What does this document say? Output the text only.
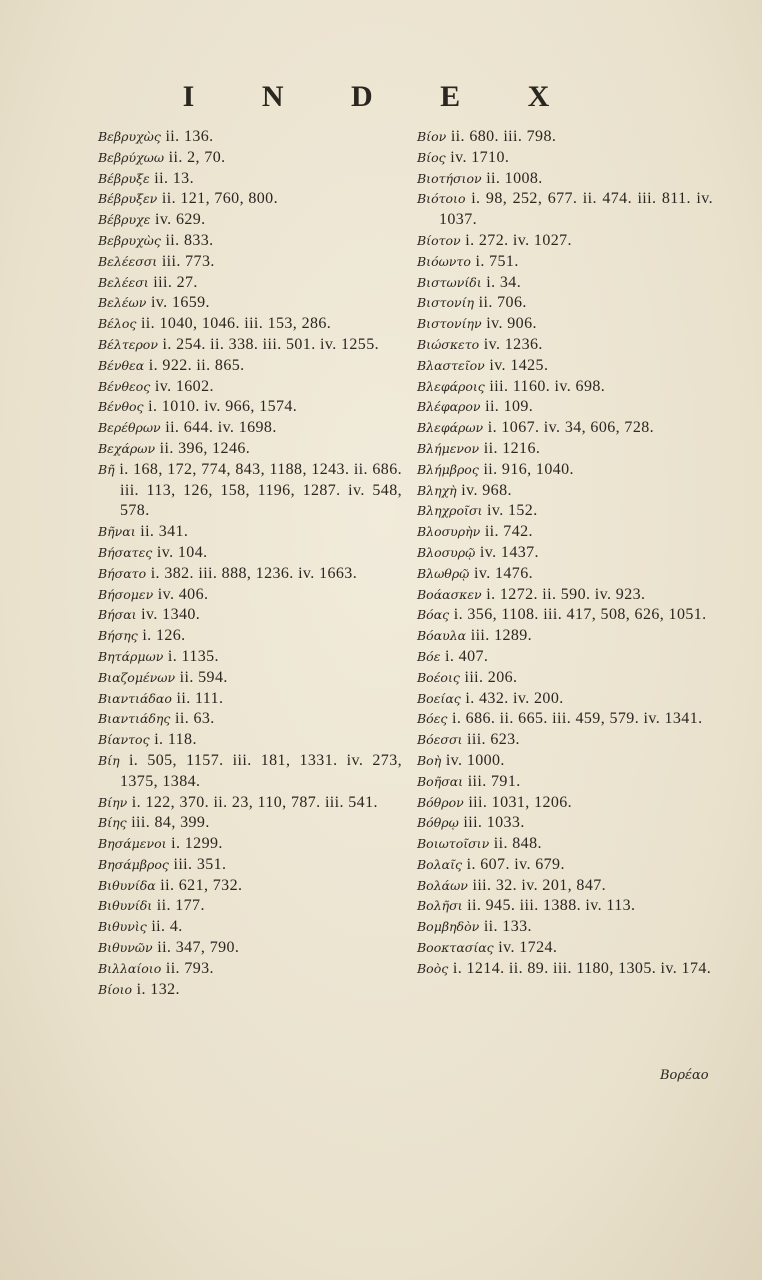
I N D E X
Βεβρυχὼς ii. 136.
Βεβρύχωω ii. 2, 70.
Βέβρυξε ii. 13.
Βέβρυξεν ii. 121, 760, 800.
Βέβρυχε iv. 629.
Βεβρυχὼς ii. 833.
Βελέεσσι iii. 773.
Βελέεσι iii. 27.
Βελέων iv. 1659.
Βέλος ii. 1040, 1046. iii. 153, 286.
Βέλτερον i. 254. ii. 338. iii. 501. iv. 1255.
Βένθεα i. 922. ii. 865.
Βένθεος iv. 1602.
Βένθος i. 1010. iv. 966, 1574.
Βερέθρων ii. 644. iv. 1698.
Βεχάρων ii. 396, 1246.
Βῆ i. 168, 172, 774, 843, 1188, 1243. ii. 686. iii. 113, 126, 158, 1196, 1287. iv. 548, 578.
Βῆναι ii. 341.
Βήσατες iv. 104.
Βήσατο i. 382. iii. 888, 1236. iv. 1663.
Βήσομεν iv. 406.
Βήσαι iv. 1340.
Βήσης i. 126.
Βητάρμων i. 1135.
Βιαζομένων ii. 594.
Βιαντιάδαο ii. 111.
Βιαντιάδης ii. 63.
Βίαντος i. 118.
Βίη i. 505, 1157. iii. 181, 1331. iv. 273, 1375, 1384.
Βίην i. 122, 370. ii. 23, 110, 787. iii. 541.
Βίης iii. 84, 399.
Βησάμενοι i. 1299.
Βησάμβρος iii. 351.
Βιθυνίδα ii. 621, 732.
Βιθυνίδι ii. 177.
Βιθυνὶς ii. 4.
Βιθυνῶν ii. 347, 790.
Βιλλαίοιο ii. 793.
Βίοιο i. 132.
Βίον ii. 680. iii. 798.
Βίος iv. 1710.
Βιοτήσιον ii. 1008.
Βιότοιο i. 98, 252, 677. ii. 474. iii. 811. iv. 1037.
Βίοτον i. 272. iv. 1027.
Βιόωντο i. 751.
Βιστωνίδι i. 34.
Βιστονίη ii. 706.
Βιστονίην iv. 906.
Βιώσκετο iv. 1236.
Βλαστεῖον iv. 1425.
Βλεφάροις iii. 1160. iv. 698.
Βλέφαρον ii. 109.
Βλεφάρων i. 1067. iv. 34, 606, 728.
Βλήμενον ii. 1216.
Βλήμβρος ii. 916, 1040.
Βληχὴ iv. 968.
Βληχροῖσι iv. 152.
Βλοσυρὴν ii. 742.
Βλοσυρῷ iv. 1437.
Βλωθρῷ iv. 1476.
Βοάασκεν i. 1272. ii. 590. iv. 923.
Βόας i. 356, 1108. iii. 417, 508, 626, 1051.
Βόαυλα iii. 1289.
Βόε i. 407.
Βοέοις iii. 206.
Βοείας i. 432. iv. 200.
Βόες i. 686. ii. 665. iii. 459, 579. iv. 1341.
Βόεσσι iii. 623.
Βοὴ iv. 1000.
Βοῆσαι iii. 791.
Βόθρον iii. 1031, 1206.
Βόθρῳ iii. 1033.
Βοιωτοῖσιν ii. 848.
Βολαῖς i. 607. iv. 679.
Βολάων iii. 32. iv. 201, 847.
Βολῆσι ii. 945. iii. 1388. iv. 113.
Βομβηδὸν ii. 133.
Βοοκτασίας iv. 1724.
Βοὸς i. 1214. ii. 89. iii. 1180, 1305. iv. 174.
Βορέαο
